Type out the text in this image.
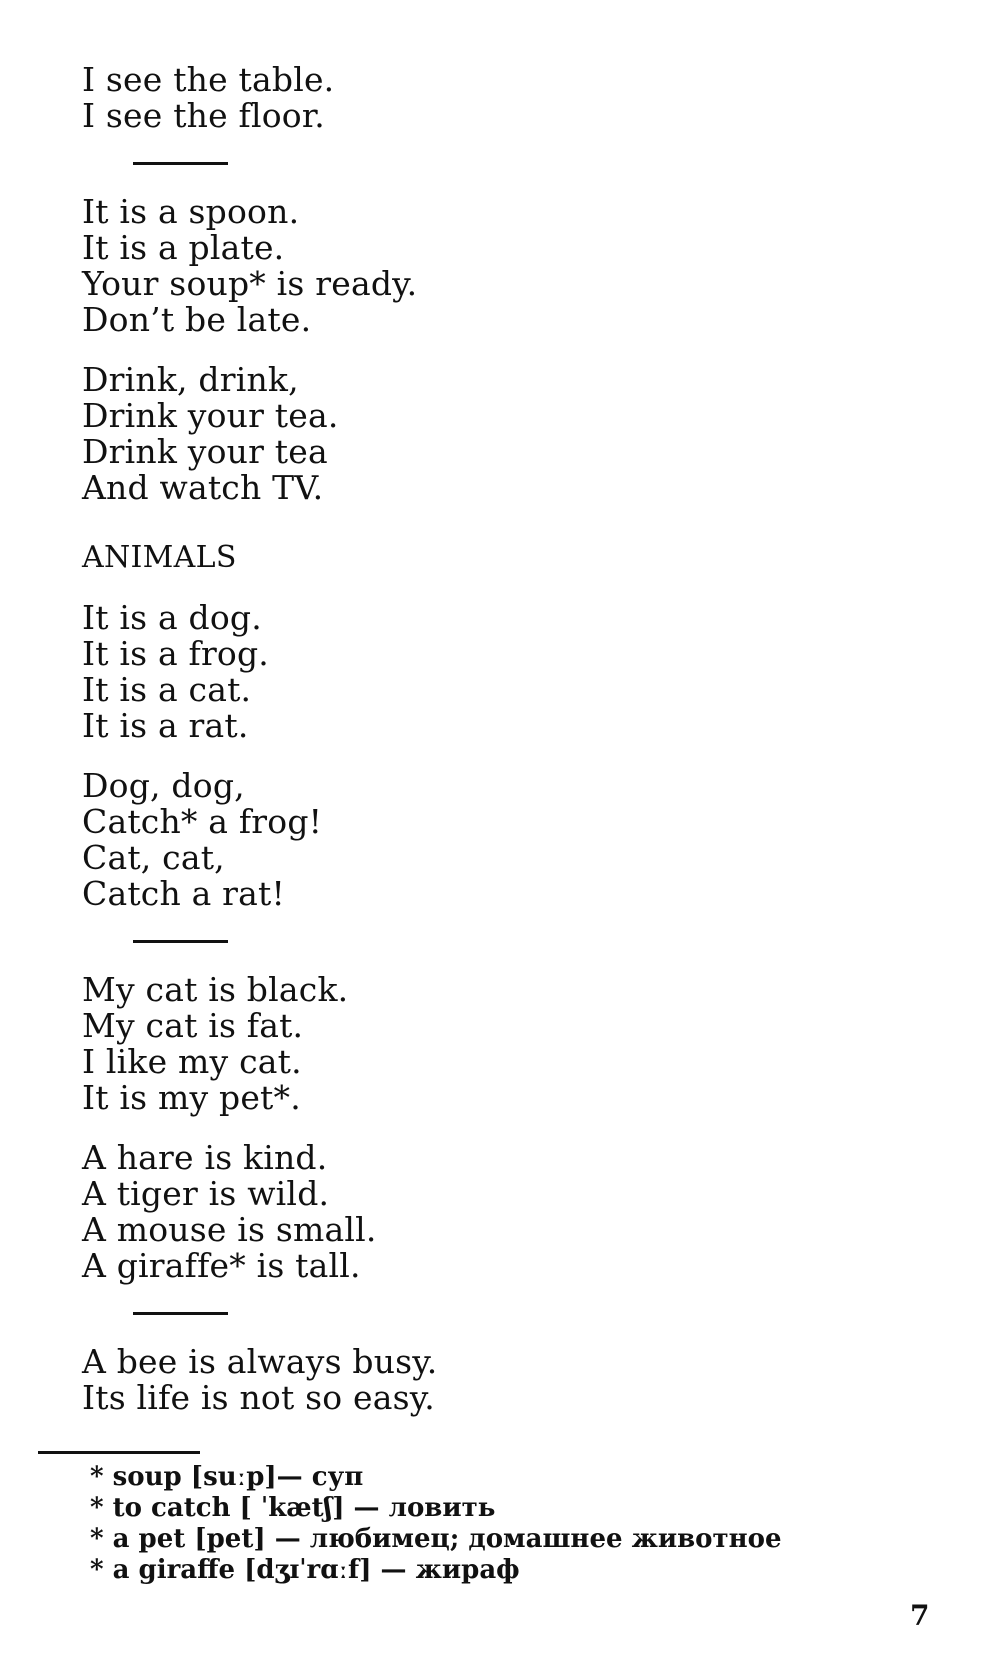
I see the table.
I see the floor.
It is a spoon.
It is a plate.
Your soup* is ready.
Don’t be late.
Drink, drink,
Drink your tea.
Drink your tea
And watch TV.
ANIMALS
It is a dog.
It is a frog.
It is a cat.
It is a rat.
Dog, dog,
Catch* a frog!
Cat, cat,
Catch a rat!
My cat is black.
My cat is fat.
I like my cat.
It is my pet*.
A hare is kind.
A tiger is wild.
A mouse is small.
A giraffe* is tall.
A bee is always busy.
Its life is not so easy.
* soup [suːp]— суп
* to catch [ ˈkætʃ] — ловить
* a pet [pet] — любимец; домашнее животное
* a giraffe [dʒɪˈrɑːf] — жираф
7
